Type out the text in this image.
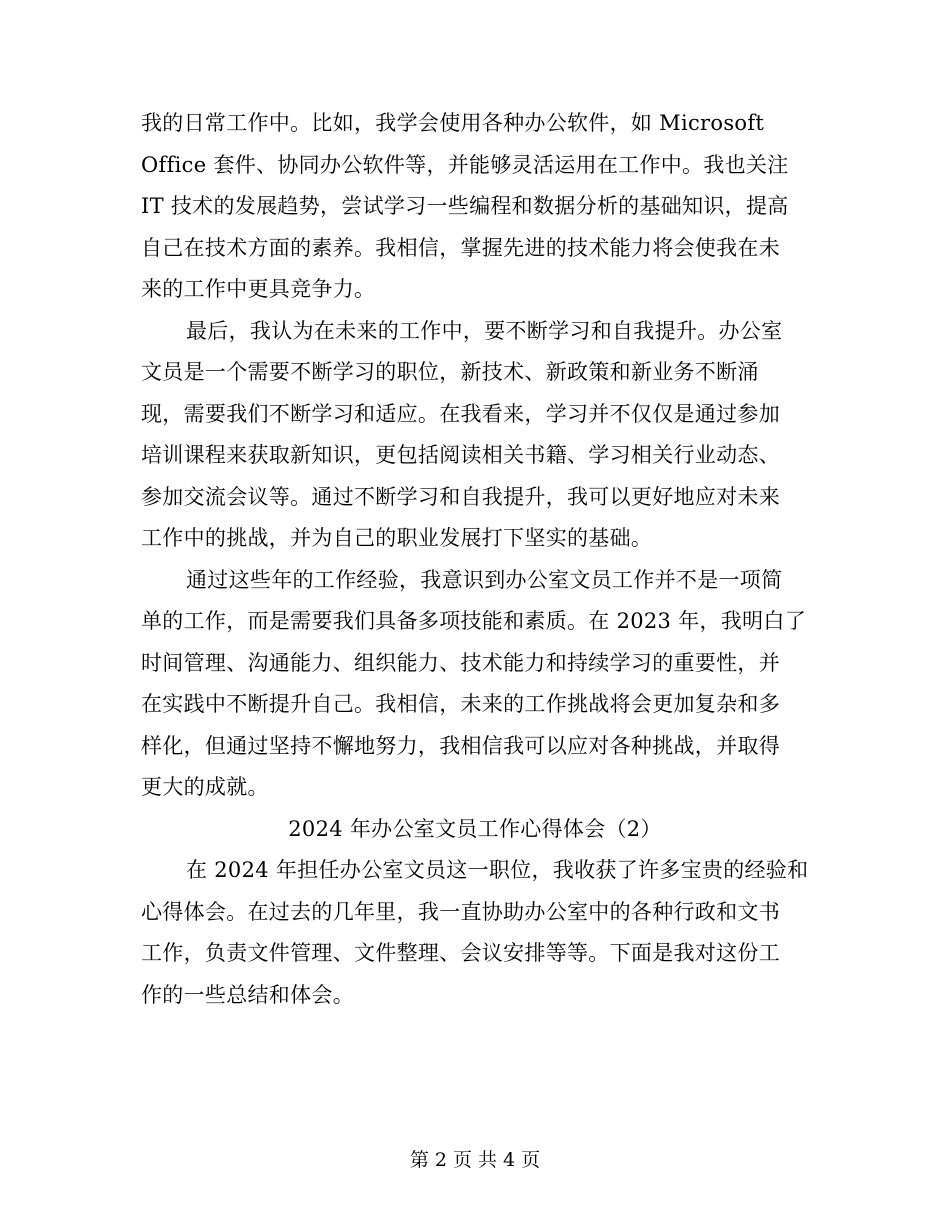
我的日常工作中。比如，我学会使用各种办公软件，如 Microsoft
Office 套件、协同办公软件等，并能够灵活运用在工作中。我也关注
IT 技术的发展趋势，尝试学习一些编程和数据分析的基础知识，提高
自己在技术方面的素养。我相信，掌握先进的技术能力将会使我在未
来的工作中更具竞争力。
最后，我认为在未来的工作中，要不断学习和自我提升。办公室
文员是一个需要不断学习的职位，新技术、新政策和新业务不断涌
现，需要我们不断学习和适应。在我看来，学习并不仅仅是通过参加
培训课程来获取新知识，更包括阅读相关书籍、学习相关行业动态、
参加交流会议等。通过不断学习和自我提升，我可以更好地应对未来
工作中的挑战，并为自己的职业发展打下坚实的基础。
通过这些年的工作经验，我意识到办公室文员工作并不是一项简
单的工作，而是需要我们具备多项技能和素质。在 2023 年，我明白了
时间管理、沟通能力、组织能力、技术能力和持续学习的重要性，并
在实践中不断提升自己。我相信，未来的工作挑战将会更加复杂和多
样化，但通过坚持不懈地努力，我相信我可以应对各种挑战，并取得
更大的成就。
2024 年办公室文员工作心得体会（2）
在 2024 年担任办公室文员这一职位，我收获了许多宝贵的经验和
心得体会。在过去的几年里，我一直协助办公室中的各种行政和文书
工作，负责文件管理、文件整理、会议安排等等。下面是我对这份工
作的一些总结和体会。
第 2 页 共 4 页
